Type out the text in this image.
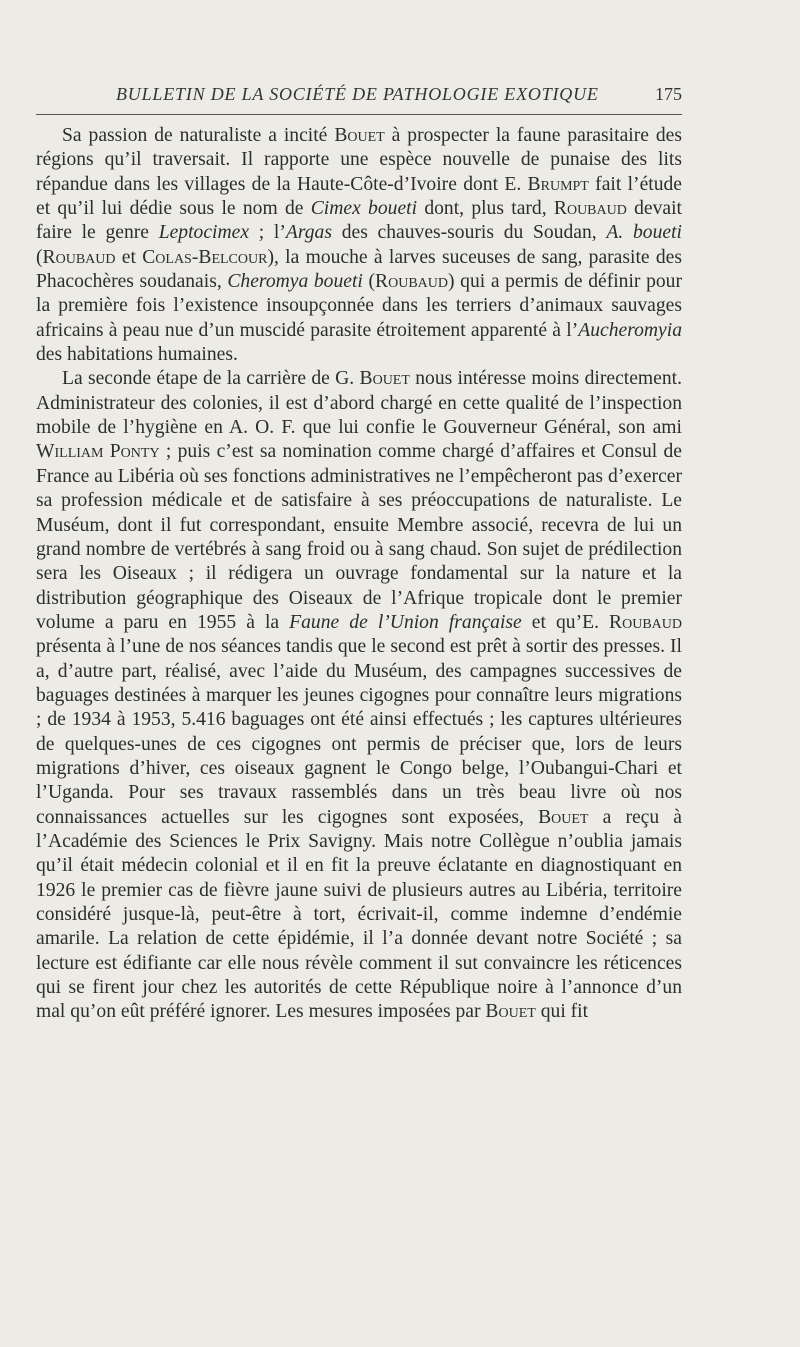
BULLETIN DE LA SOCIÉTÉ DE PATHOLOGIE EXOTIQUE	175

Sa passion de naturaliste a incité Bouet à prospecter la faune parasitaire des régions qu’il traversait. Il rapporte une espèce nouvelle de punaise des lits répandue dans les villages de la Haute-Côte-d’Ivoire dont E. Brumpt fait l’étude et qu’il lui dédie sous le nom de Cimex boueti dont, plus tard, Roubaud devait faire le genre Leptocimex ; l’Argas des chauves-souris du Soudan, A. boueti (Roubaud et Colas-Belcour), la mouche à larves suceuses de sang, parasite des Phacochères soudanais, Cheromya boueti (Roubaud) qui a permis de définir pour la première fois l’existence insoupçonnée dans les terriers d’animaux sauvages africains à peau nue d’un muscidé parasite étroitement apparenté à l’Aucheromyia des habitations humaines.

La seconde étape de la carrière de G. Bouet nous intéresse moins directement. Administrateur des colonies, il est d’abord chargé en cette qualité de l’inspection mobile de l’hygiène en A. O. F. que lui confie le Gouverneur Général, son ami William Ponty ; puis c’est sa nomination comme chargé d’affaires et Consul de France au Libéria où ses fonctions administratives ne l’empêcheront pas d’exercer sa profession médicale et de satisfaire à ses préoccupations de naturaliste. Le Muséum, dont il fut correspondant, ensuite Membre associé, recevra de lui un grand nombre de vertébrés à sang froid ou à sang chaud. Son sujet de prédilection sera les Oiseaux ; il rédigera un ouvrage fondamental sur la nature et la distribution géographique des Oiseaux de l’Afrique tropicale dont le premier volume a paru en 1955 à la Faune de l’Union française et qu’E. Roubaud présenta à l’une de nos séances tandis que le second est prêt à sortir des presses. Il a, d’autre part, réalisé, avec l’aide du Muséum, des campagnes successives de baguages destinées à marquer les jeunes cigognes pour connaître leurs migrations ; de 1934 à 1953, 5.416 baguages ont été ainsi effectués ; les captures ultérieures de quelques-unes de ces cigognes ont permis de préciser que, lors de leurs migrations d’hiver, ces oiseaux gagnent le Congo belge, l’Oubangui-Chari et l’Uganda. Pour ses travaux rassemblés dans un très beau livre où nos connaissances actuelles sur les cigognes sont exposées, Bouet a reçu à l’Académie des Sciences le Prix Savigny. Mais notre Collègue n’oublia jamais qu’il était médecin colonial et il en fit la preuve éclatante en diagnostiquant en 1926 le premier cas de fièvre jaune suivi de plusieurs autres au Libéria, territoire considéré jusque-là, peut-être à tort, écrivait-il, comme indemne d’endémie amarile. La relation de cette épidémie, il l’a donnée devant notre Société ; sa lecture est édifiante car elle nous révèle comment il sut convaincre les réticences qui se firent jour chez les autorités de cette République noire à l’annonce d’un mal qu’on eût préféré ignorer. Les mesures imposées par Bouet qui fit
